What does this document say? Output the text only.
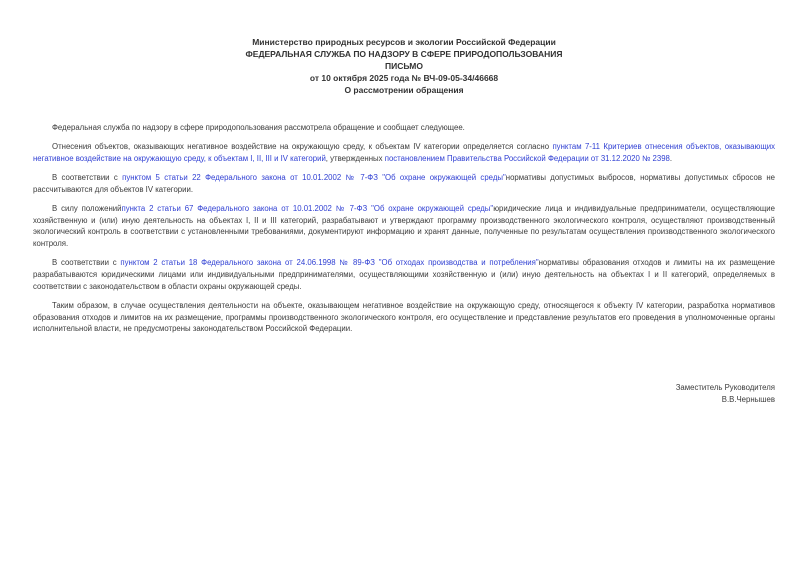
Министерство природных ресурсов и экологии Российской Федерации
ФЕДЕРАЛЬНАЯ СЛУЖБА ПО НАДЗОРУ В СФЕРЕ ПРИРОДОПОЛЬЗОВАНИЯ
ПИСЬМО
от 10 октября 2025 года № ВЧ-09-05-34/46668
О рассмотрении обращения

Федеральная служба по надзору в сфере природопользования рассмотрела обращение и сообщает следующее.

Отнесения объектов, оказывающих негативное воздействие на окружающую среду, к объектам IV категории определяется согласно пунктам 7-11 Критериев отнесения объектов, оказывающих негативное воздействие на окружающую среду, к объектам I, II, III и IV категорий, утвержденных постановлением Правительства Российской Федерации от 31.12.2020 № 2398.

В соответствии с пунктом 5 статьи 22 Федерального закона от 10.01.2002 № 7-ФЗ "Об охране окружающей среды"нормативы допустимых выбросов, нормативы допустимых сбросов не рассчитываются для объектов IV категории.

В силу положенийпункта 2 статьи 67 Федерального закона от 10.01.2002 № 7-ФЗ "Об охране окружающей среды"юридические лица и индивидуальные предприниматели, осуществляющие хозяйственную и (или) иную деятельность на объектах I, II и III категорий, разрабатывают и утверждают программу производственного экологического контроля, осуществляют производственный экологический контроль в соответствии с установленными требованиями, документируют информацию и хранят данные, полученные по результатам осуществления производственного экологического контроля.

В соответствии с пунктом 2 статьи 18 Федерального закона от 24.06.1998 № 89-ФЗ "Об отходах производства и потребления"нормативы образования отходов и лимиты на их размещение разрабатываются юридическими лицами или индивидуальными предпринимателями, осуществляющими хозяйственную и (или) иную деятельность на объектах I и II категорий, определяемых в соответствии с законодательством в области охраны окружающей среды.

Таким образом, в случае осуществления деятельности на объекте, оказывающем негативное воздействие на окружающую среду, относящегося к объекту IV категории, разработка нормативов образования отходов и лимитов на их размещение, программы производственного экологического контроля, его осуществление и представление результатов его проведения в уполномоченные органы исполнительной власти, не предусмотрены законодательством Российской Федерации.

Заместитель Руководителя
В.В.Чернышев
